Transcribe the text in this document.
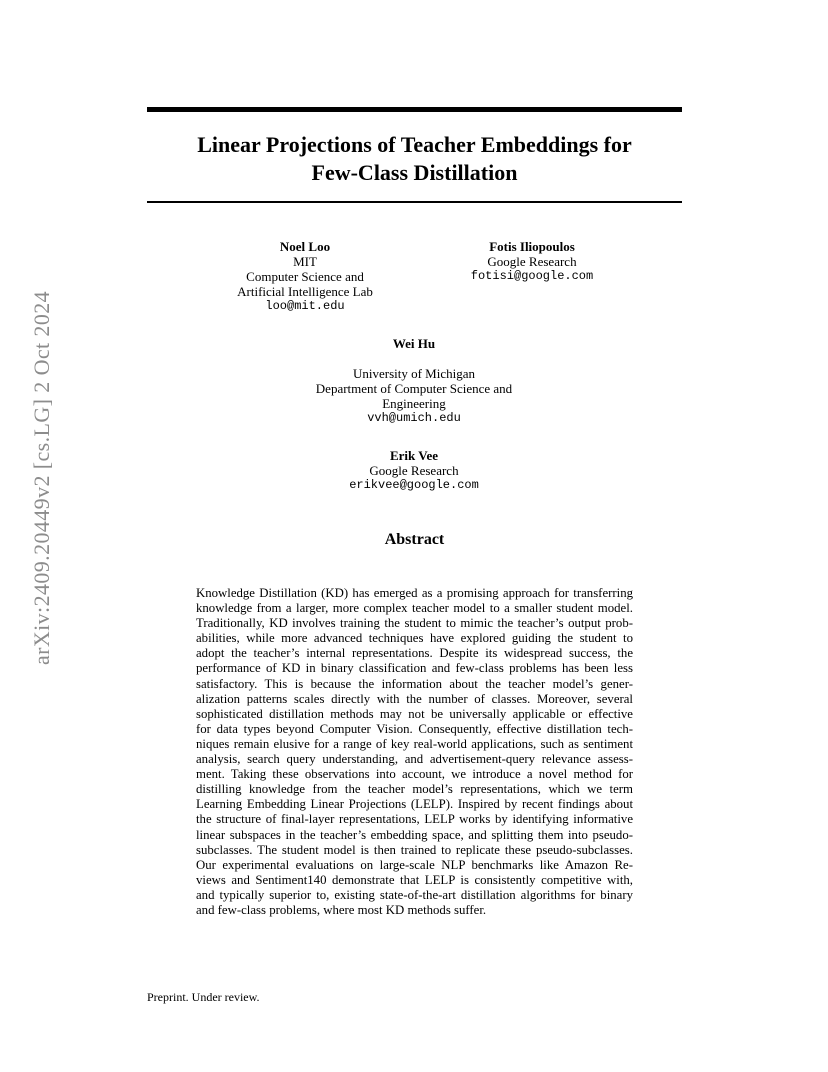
arXiv:2409.20449v2 [cs.LG] 2 Oct 2024
Linear Projections of Teacher Embeddings for
Few-Class Distillation
Noel Loo
MIT
Computer Science and
Artificial Intelligence Lab
loo@mit.edu
Fotis Iliopoulos
Google Research
fotisi@google.com
Wei Hu
University of Michigan
Department of Computer Science and
Engineering
vvh@umich.edu
Erik Vee
Google Research
erikvee@google.com
Abstract
Knowledge Distillation (KD) has emerged as a promising approach for transferring
knowledge from a larger, more complex teacher model to a smaller student model.
Traditionally, KD involves training the student to mimic the teacher’s output prob-
abilities, while more advanced techniques have explored guiding the student to
adopt the teacher’s internal representations. Despite its widespread success, the
performance of KD in binary classification and few-class problems has been less
satisfactory. This is because the information about the teacher model’s gener-
alization patterns scales directly with the number of classes. Moreover, several
sophisticated distillation methods may not be universally applicable or effective
for data types beyond Computer Vision. Consequently, effective distillation tech-
niques remain elusive for a range of key real-world applications, such as sentiment
analysis, search query understanding, and advertisement-query relevance assess-
ment. Taking these observations into account, we introduce a novel method for
distilling knowledge from the teacher model’s representations, which we term
Learning Embedding Linear Projections (LELP). Inspired by recent findings about
the structure of final-layer representations, LELP works by identifying informative
linear subspaces in the teacher’s embedding space, and splitting them into pseudo-
subclasses. The student model is then trained to replicate these pseudo-subclasses.
Our experimental evaluations on large-scale NLP benchmarks like Amazon Re-
views and Sentiment140 demonstrate that LELP is consistently competitive with,
and typically superior to, existing state-of-the-art distillation algorithms for binary
and few-class problems, where most KD methods suffer.
Preprint. Under review.
